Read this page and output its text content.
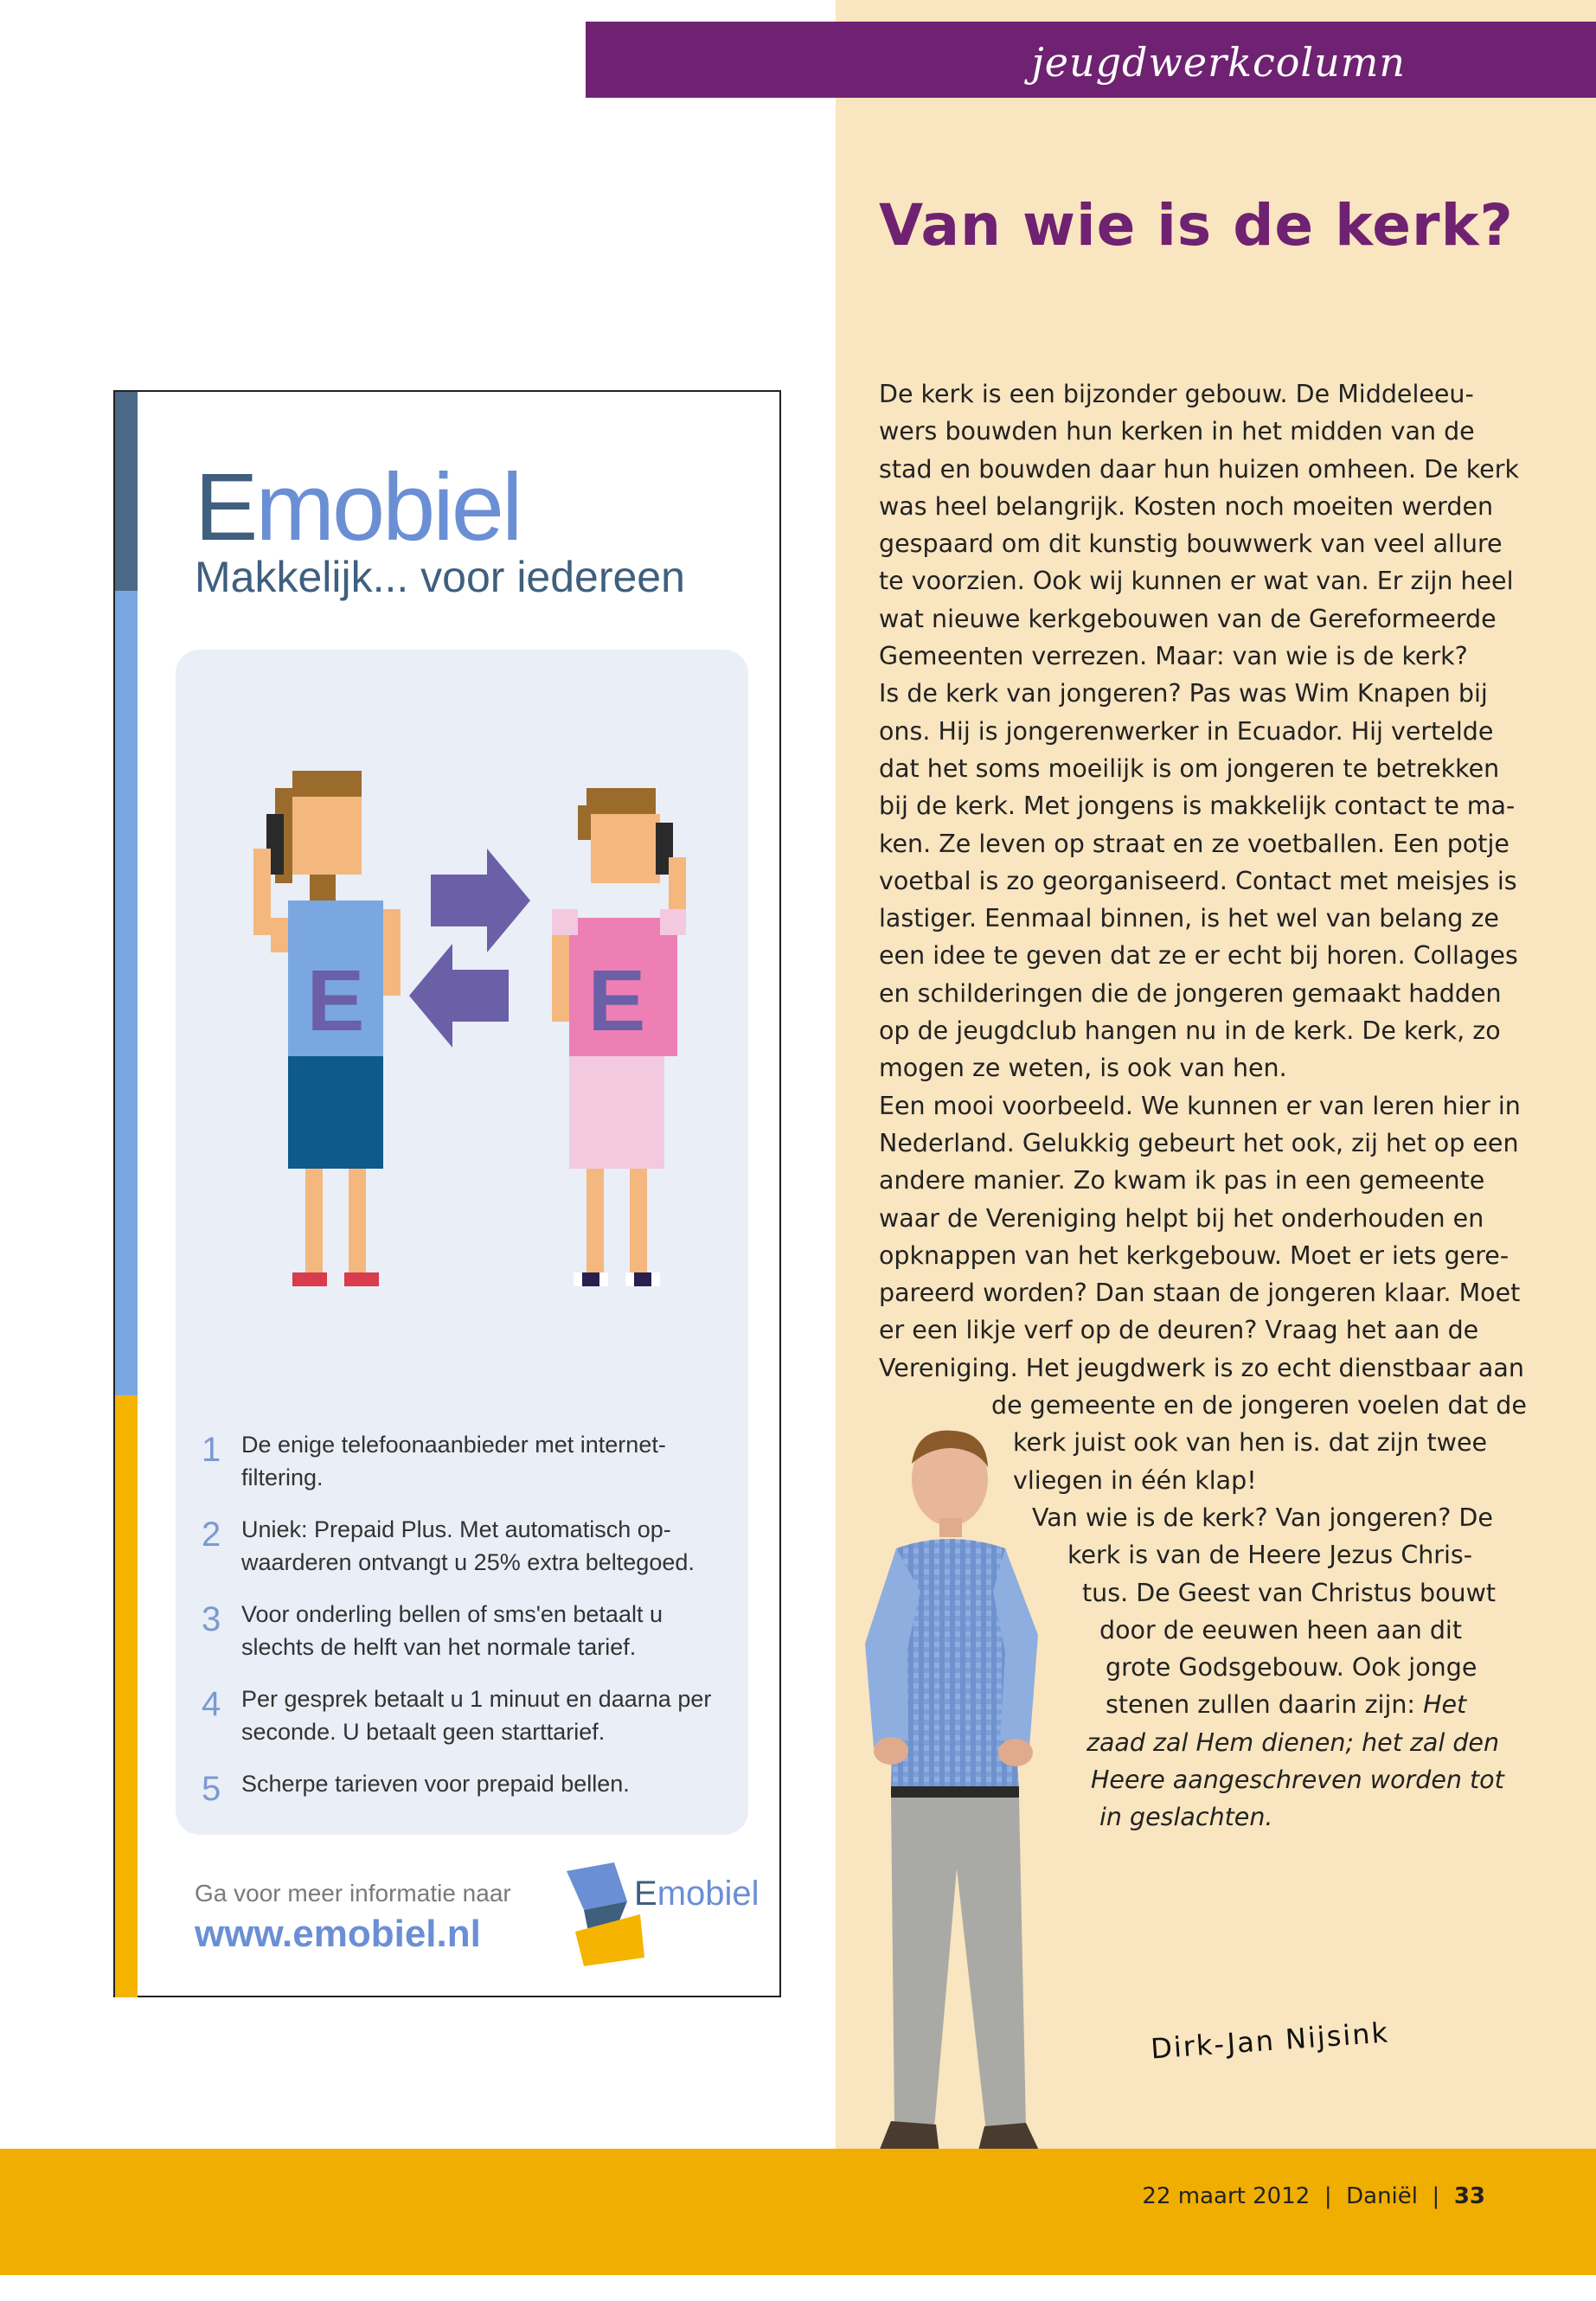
jeugdwerkcolumn
Van wie is de kerk?
De kerk is een bijzonder gebouw. De Middeleeu-
wers bouwden hun kerken in het midden van de
stad en bouwden daar hun huizen omheen. De kerk
was heel belangrijk. Kosten noch moeiten werden
gespaard om dit kunstig bouwwerk van veel allure
te voorzien. Ook wij kunnen er wat van. Er zijn heel
wat nieuwe kerkgebouwen van de Gereformeerde
Gemeenten verrezen. Maar: van wie is de kerk?
Is de kerk van jongeren? Pas was Wim Knapen bij
ons. Hij is jongerenwerker in Ecuador. Hij vertelde
dat het soms moeilijk is om jongeren te betrekken
bij de kerk. Met jongens is makkelijk contact te ma-
ken. Ze leven op straat en ze voetballen. Een potje
voetbal is zo georganiseerd. Contact met meisjes is
lastiger. Eenmaal binnen, is het wel van belang ze
een idee te geven dat ze er echt bij horen. Collages
en schilderingen die de jongeren gemaakt hadden
op de jeugdclub hangen nu in de kerk. De kerk, zo
mogen ze weten, is ook van hen.
Een mooi voorbeeld. We kunnen er van leren hier in
Nederland. Gelukkig gebeurt het ook, zij het op een
andere manier. Zo kwam ik pas in een gemeente
waar de Vereniging helpt bij het onderhouden en
opknappen van het kerkgebouw. Moet er iets gere-
pareerd worden? Dan staan de jongeren klaar. Moet
er een likje verf op de deuren? Vraag het aan de
Vereniging. Het jeugdwerk is zo echt dienstbaar aan
de gemeente en de jongeren voelen dat de
kerk juist ook van hen is. dat zijn twee
vliegen in één klap!
Van wie is de kerk? Van jongeren? De
kerk is van de Heere Jezus Chris-
tus. De Geest van Christus bouwt
door de eeuwen heen aan dit
grote Godsgebouw. Ook jonge
stenen zullen daarin zijn: Het
zaad zal Hem dienen; het zal den
Heere aangeschreven worden tot
in geslachten.
Dirk-Jan Nijsink
Emobiel
Makkelijk... voor iedereen
E	E
1 De enige telefoonaanbieder met internet-filtering.
2 Uniek: Prepaid Plus. Met automatisch op-waarderen ontvangt u 25% extra beltegoed.
3 Voor onderling bellen of sms'en betaalt u slechts de helft van het normale tarief.
4 Per gesprek betaalt u 1 minuut en daarna per seconde. U betaalt geen starttarief.
5 Scherpe tarieven voor prepaid bellen.
Ga voor meer informatie naar
www.emobiel.nl
Emobiel
22 maart 2012 | Daniël | 33
